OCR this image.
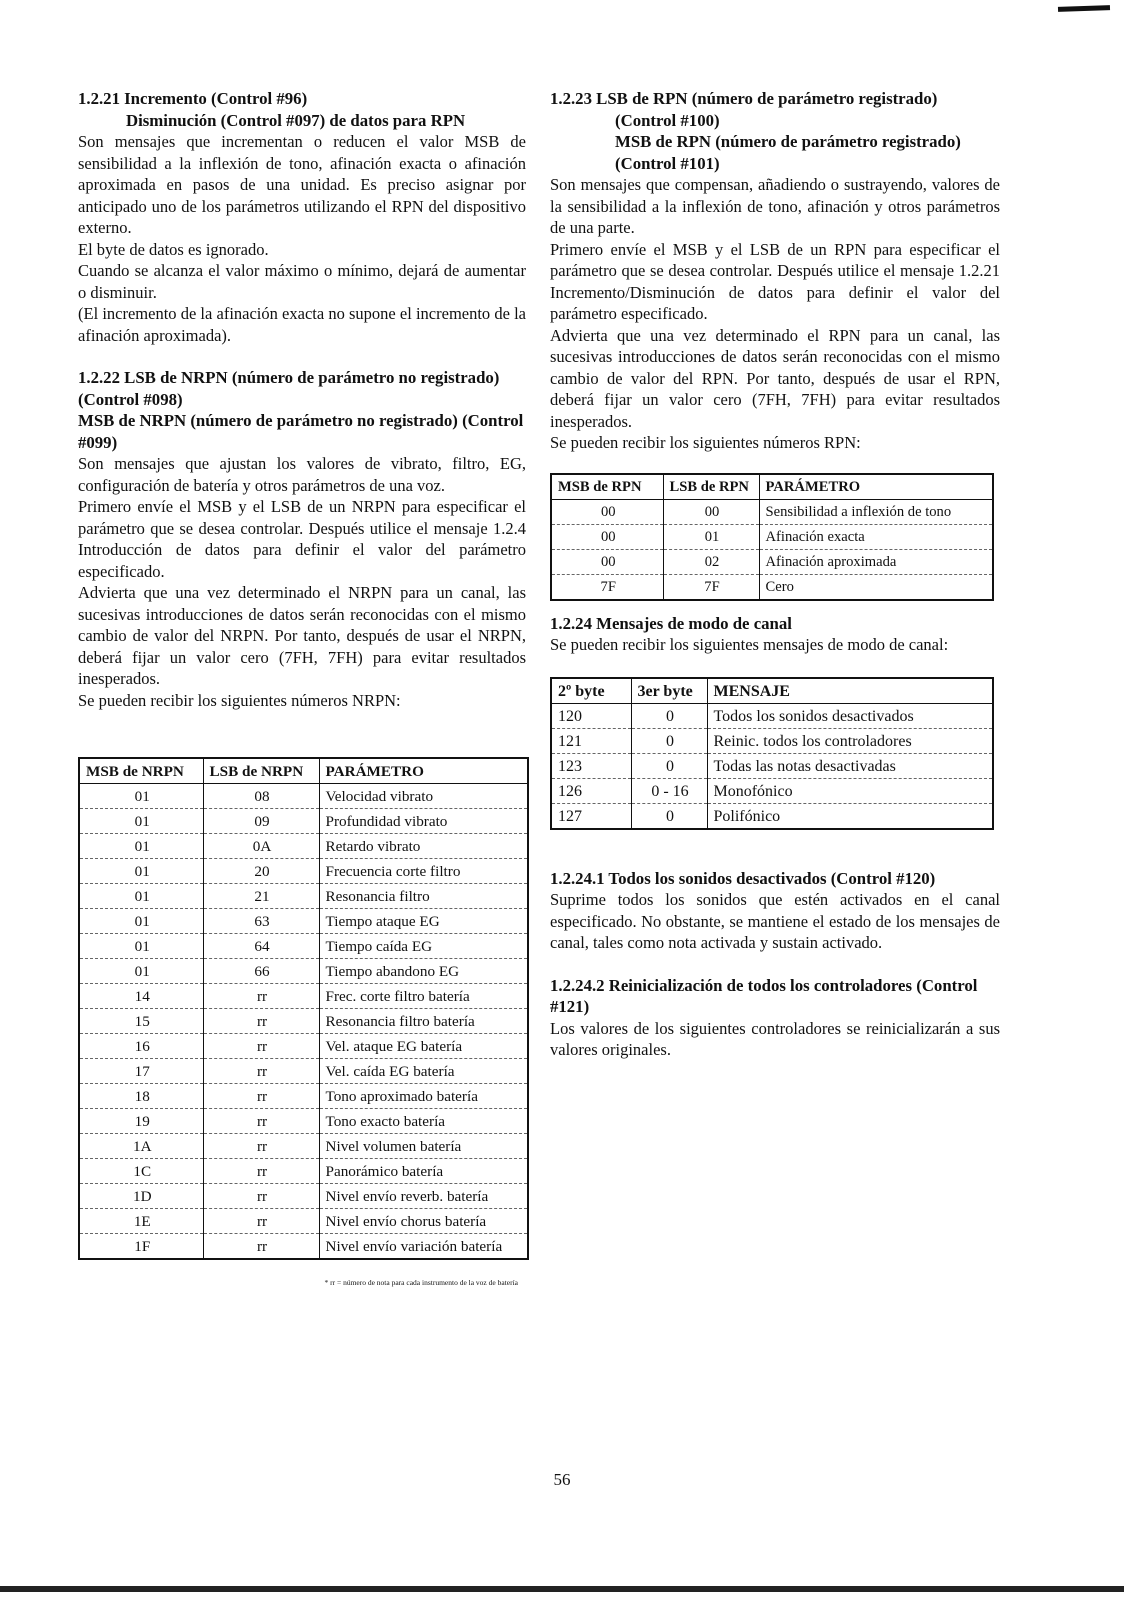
1.2.21 Incremento (Control #96)
Disminución (Control #097) de datos para RPN

Son mensajes que incrementan o reducen el valor MSB de sensibilidad a la inflexión de tono, afinación exacta o afinación aproximada en pasos de una unidad. Es preciso asignar por anticipado uno de los parámetros utilizando el RPN del dispositivo externo.

El byte de datos es ignorado.

Cuando se alcanza el valor máximo o mínimo, dejará de aumentar o disminuir.

(El incremento de la afinación exacta no supone el incremento de la afinación aproximada).

1.2.22 LSB de NRPN (número de parámetro no registrado) (Control #098)
MSB de NRPN (número de parámetro no registrado) (Control #099)

Son mensajes que ajustan los valores de vibrato, filtro, EG, configuración de batería y otros parámetros de una voz.

Primero envíe el MSB y el LSB de un NRPN para especificar el parámetro que se desea controlar. Después utilice el mensaje 1.2.4 Introducción de datos para definir el valor del parámetro especificado.

Advierta que una vez determinado el NRPN para un canal, las sucesivas introducciones de datos serán reconocidas con el mismo cambio de valor del NRPN. Por tanto, después de usar el NRPN, deberá fijar un valor cero (7FH, 7FH) para evitar resultados inesperados.

Se pueden recibir los siguientes números NRPN:

MSB de NRPN	LSB de NRPN	PARÁMETRO
01	08	Velocidad vibrato
01	09	Profundidad vibrato
01	0A	Retardo vibrato
01	20	Frecuencia corte filtro
01	21	Resonancia filtro
01	63	Tiempo ataque EG
01	64	Tiempo caída EG
01	66	Tiempo abandono EG
14	rr	Frec. corte filtro batería
15	rr	Resonancia filtro batería
16	rr	Vel. ataque EG batería
17	rr	Vel. caída EG batería
18	rr	Tono aproximado batería
19	rr	Tono exacto batería
1A	rr	Nivel volumen batería
1C	rr	Panorámico batería
1D	rr	Nivel envío reverb. batería
1E	rr	Nivel envío chorus batería
1F	rr	Nivel envío variación batería
* rr = número de nota para cada instrumento de la voz de batería
1.2.23 LSB de RPN (número de parámetro registrado)
(Control #100)
MSB de RPN (número de parámetro registrado) (Control #101)

Son mensajes que compensan, añadiendo o sustrayendo, valores de la sensibilidad a la inflexión de tono, afinación y otros parámetros de una parte.

Primero envíe el MSB y el LSB de un RPN para especificar el parámetro que se desea controlar. Después utilice el mensaje 1.2.21 Incremento/Disminución de datos para definir el valor del parámetro especificado.

Advierta que una vez determinado el RPN para un canal, las sucesivas introducciones de datos serán reconocidas con el mismo cambio de valor del RPN. Por tanto, después de usar el RPN, deberá fijar un valor cero (7FH, 7FH) para evitar resultados inesperados.

Se pueden recibir los siguientes números RPN:

MSB de RPN	LSB de RPN	PARÁMETRO
00	00	Sensibilidad a inflexión de tono
00	01	Afinación exacta
00	02	Afinación aproximada
7F	7F	Cero
1.2.24 Mensajes de modo de canal

Se pueden recibir los siguientes mensajes de modo de canal:

2º byte	3er byte	MENSAJE
120	0	Todos los sonidos desactivados
121	0	Reinic. todos los controladores
123	0	Todas las notas desactivadas
126	0 - 16	Monofónico
127	0	Polifónico
1.2.24.1 Todos los sonidos desactivados (Control #120)

Suprime todos los sonidos que estén activados en el canal especificado. No obstante, se mantiene el estado de los mensajes de canal, tales como nota activada y sustain activado.

1.2.24.2 Reinicialización de todos los controladores (Control #121)

Los valores de los siguientes controladores se reinicializarán a sus valores originales.

56
